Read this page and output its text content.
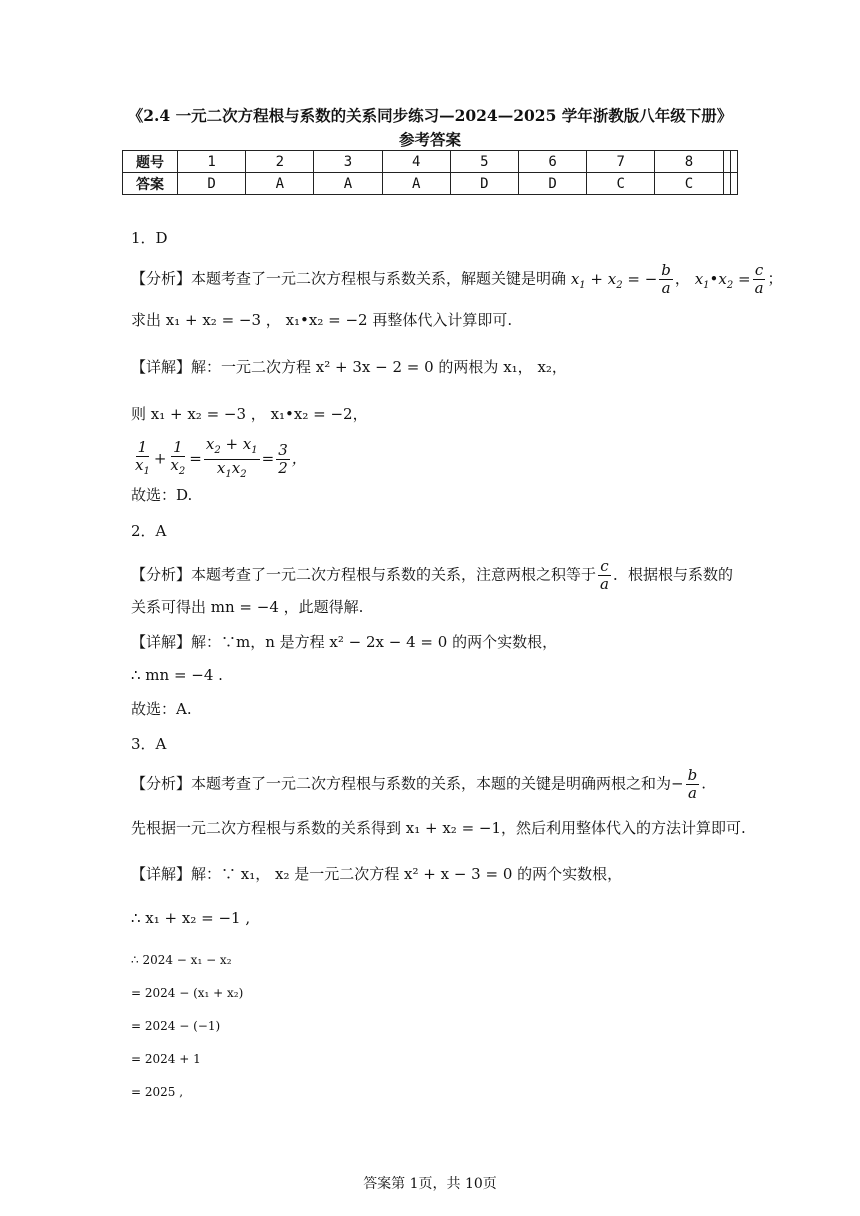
《2.4 一元二次方程根与系数的关系同步练习—2024—2025 学年浙教版八年级下册》参考答案
题号	1	2	3	4	5	6	7	8		
答案	D	A	A	A	D	D	C	C		
1．D
【分析】本题考查了一元二次方程根与系数关系，解题关键是明确 $x_1 + x_2$ = − $\frac{b}{a}$ ， $x_1•x_2 = \frac{c}{a}$ ；
求出 x₁ + x₂ = −3 ， x₁•x₂ = −2 再整体代入计算即可.
【详解】解：一元二次方程 x² + 3x − 2 = 0 的两根为 x₁， x₂，
则 x₁ + x₂ = −3 ， x₁•x₂ = −2，
$\frac{1}{x_1} + \frac{1}{x_2} = \frac{x_2 + x_1}{x_1x_2} = \frac{3}{2}$ ，
故选：D.
2．A
【分析】本题考查了一元二次方程根与系数的关系，注意两根之积等于 $\frac{c}{a}$ ．根据根与系数的
关系可得出 mn = −4 ，此题得解.
【详解】解：∵m，n 是方程 x² − 2x − 4 = 0 的两个实数根，
∴ mn = −4 .
故选：A.
3．A
【分析】本题考查了一元二次方程根与系数的关系，本题的关键是明确两根之和为− $\frac{b}{a}$ .
先根据一元二次方程根与系数的关系得到 x₁ + x₂ = −1，然后利用整体代入的方法计算即可.
【详解】解：∵ x₁， x₂ 是一元二次方程 x² + x − 3 = 0 的两个实数根，
∴ x₁ + x₂ = −1 ,
∴ 2024 − x₁ − x₂
= 2024 − (x₁ + x₂)
= 2024 − (−1)
= 2024 + 1
= 2025 ,
答案第 1页，共 10页
